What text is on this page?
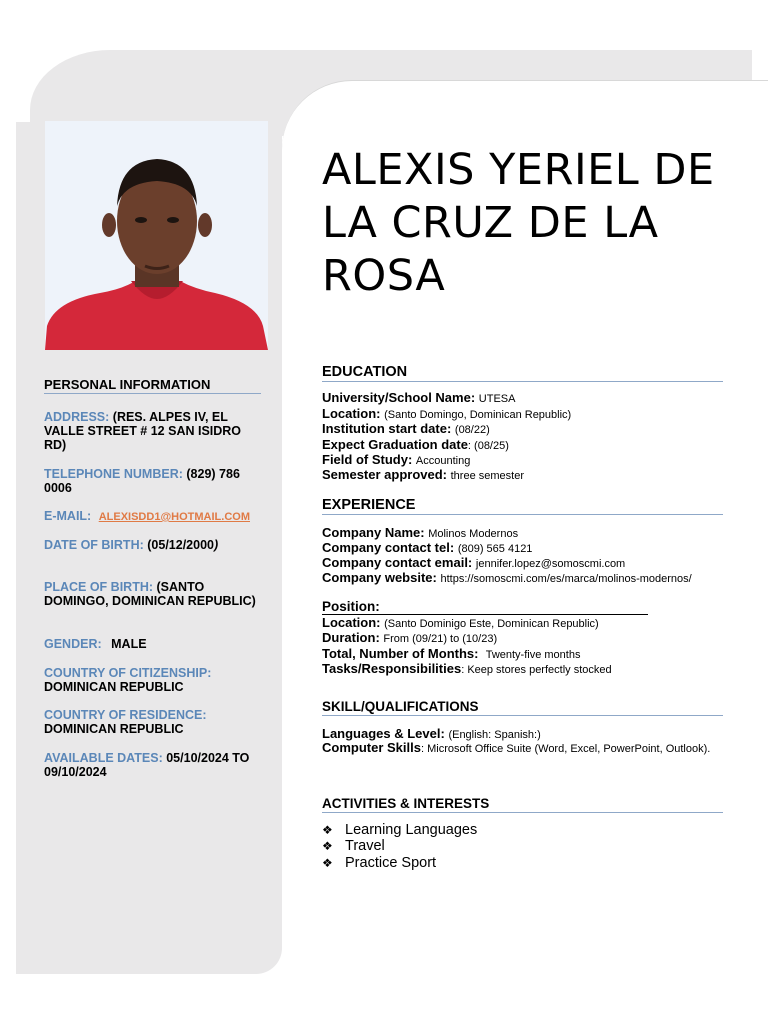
ALEXIS YERIEL DE LA CRUZ DE LA ROSA
PERSONAL INFORMATION
ADDRESS: (RES. ALPES IV, EL VALLE STREET # 12 SAN ISIDRO RD)
TELEPHONE NUMBER: (829) 786 0006
E-MAIL: ALEXISDD1@HOTMAIL.COM
DATE OF BIRTH: (05/12/2000)
PLACE OF BIRTH: (SANTO DOMINGO, DOMINICAN REPUBLIC)
GENDER: MALE
COUNTRY OF CITIZENSHIP:
DOMINICAN REPUBLIC
COUNTRY OF RESIDENCE:
DOMINICAN REPUBLIC
AVAILABLE DATES: 05/10/2024 TO 09/10/2024
EDUCATION
University/School Name: UTESA
Location: (Santo Domingo, Dominican Republic)
Institution start date: (08/22)
Expect Graduation date: (08/25)
Field of Study: Accounting
Semester approved: three semester
EXPERIENCE
Company Name: Molinos Modernos
Company contact tel: (809) 565 4121
Company contact email: jennifer.lopez@somoscmi.com
Company website: https://somoscmi.com/es/marca/molinos-modernos/
Position:
Location: (Santo Dominigo Este, Dominican Republic)
Duration: From (09/21) to (10/23)
Total, Number of Months: Twenty-five months
Tasks/Responsibilities: Keep stores perfectly stocked
SKILL/QUALIFICATIONS
Languages & Level: (English: Spanish:)
Computer Skills: Microsoft Office Suite (Word, Excel, PowerPoint, Outlook).
ACTIVITIES & INTERESTS
❖ Learning Languages
❖ Travel
❖ Practice Sport
